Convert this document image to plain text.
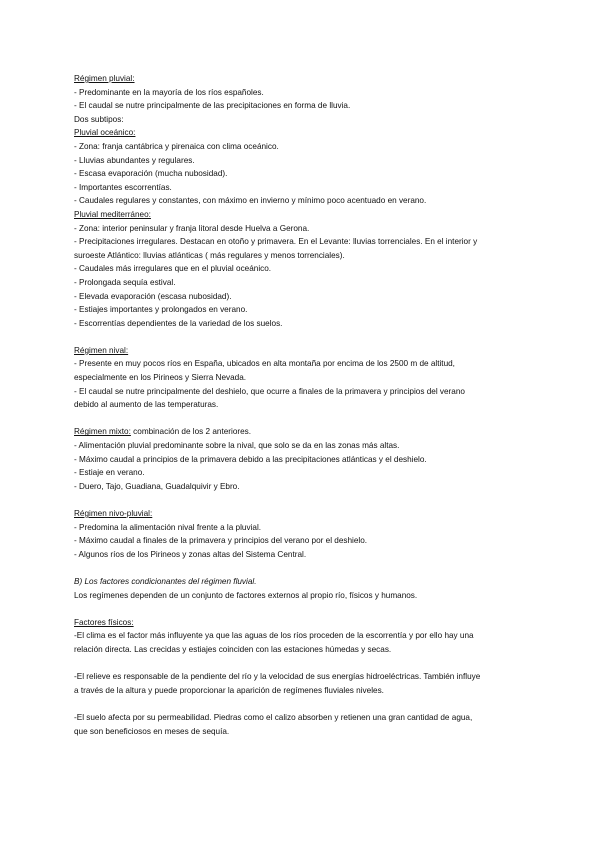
Régimen pluvial:

- Predominante en la mayoría de los ríos españoles.

- El caudal se nutre principalmente de las precipitaciones en forma de lluvia.

Dos subtipos:

Pluvial oceánico:

- Zona: franja cantábrica y pirenaica con clima oceánico.

- Lluvias abundantes y regulares.

- Escasa evaporación (mucha nubosidad).

- Importantes escorrentías.

- Caudales regulares y constantes, con máximo en invierno y mínimo poco acentuado en verano.

Pluvial mediterráneo:

- Zona: interior peninsular y franja litoral desde Huelva a Gerona.

- Precipitaciones irregulares. Destacan en otoño y primavera. En el Levante: lluvias torrenciales. En el interior y

suroeste Atlántico: lluvias atlánticas ( más regulares y menos torrenciales).

- Caudales más irregulares que en el pluvial oceánico.

- Prolongada sequía estival.

- Elevada evaporación (escasa nubosidad).

- Estiajes importantes y prolongados en verano.

- Escorrentías dependientes de la variedad de los suelos.

Régimen nival:

- Presente en muy pocos ríos en España, ubicados en alta montaña por encima de los 2500 m de altitud,

especialmente en los Pirineos y Sierra Nevada.

- El caudal se nutre principalmente del deshielo, que ocurre a finales de la primavera y principios del verano

debido al aumento de las temperaturas.

Régimen mixto: combinación de los 2 anteriores.

- Alimentación pluvial predominante sobre la nival, que solo se da en las zonas más altas.

- Máximo caudal a principios de la primavera debido a las precipitaciones atlánticas y el deshielo.

- Estiaje en verano.

- Duero, Tajo, Guadiana, Guadalquivir y Ebro.

Régimen nivo-pluvial:

- Predomina la alimentación nival frente a la pluvial.

- Máximo caudal a finales de la primavera y principios del verano por el deshielo.

- Algunos ríos de los Pirineos y zonas altas del Sistema Central.

B) Los factores condicionantes del régimen fluvial.

Los regímenes dependen de un conjunto de factores externos al propio río, físicos y humanos.

Factores físicos:

-El clima es el factor más influyente ya que las aguas de los ríos proceden de la escorrentía y por ello hay una

relación directa. Las crecidas y estiajes coinciden con las estaciones húmedas y secas.

-El relieve es responsable de la pendiente del río y la velocidad de sus energías hidroeléctricas. También influye

a través de la altura y puede proporcionar la aparición de regímenes fluviales niveles.

-El suelo afecta por su permeabilidad. Piedras como el calizo absorben y retienen una gran cantidad de agua,

que son beneficiosos en meses de sequía.
